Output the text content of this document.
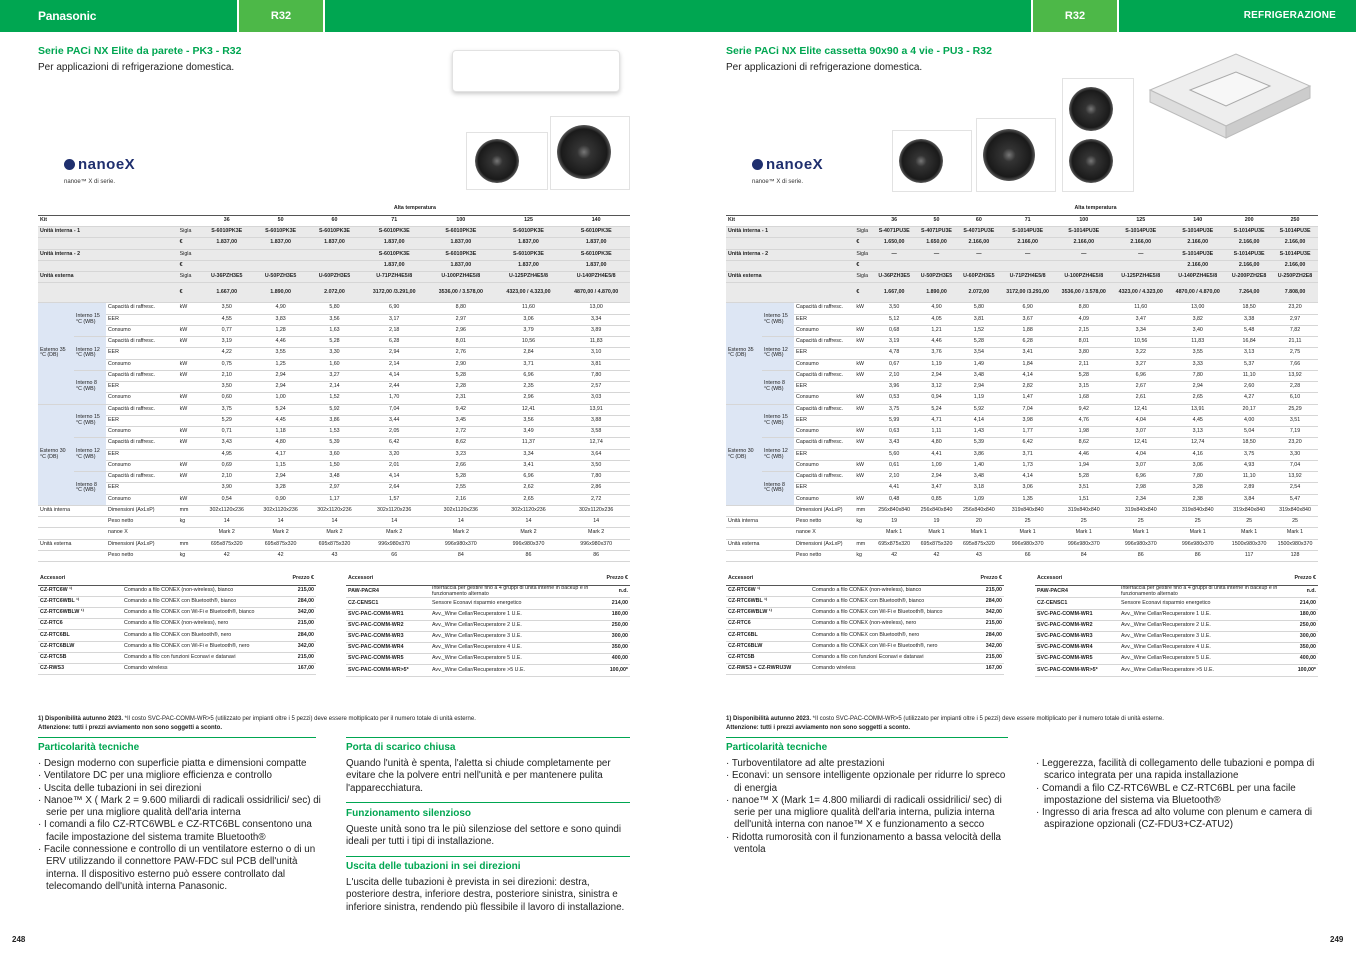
Panasonic	R32
Serie PACi NX Elite da parete - PK3 - R32
Per applicazioni di refrigerazione domestica.
nanoeX
nanoe™ X di serie.
				Alta temperatura						
Kit				36	50	60	71	100	125	140
Unità interna - 1			Sigla	S-6010PK3E	S-6010PK3E	S-6010PK3E	S-6010PK3E	S-6010PK3E	S-6010PK3E	S-6010PK3E
			€	1.837,00	1.837,00	1.837,00	1.837,00	1.837,00	1.837,00	1.837,00
Unità interna - 2			Sigla				S-6010PK3E	S-6010PK3E	S-6010PK3E	S-6010PK3E
			€				1.837,00	1.837,00	1.837,00	1.837,00
Unità esterna			Sigla	U-36PZH3E5	U-50PZH3E5	U-60PZH3E5	U-71PZH4E5/8	U-100PZH4E5/8	U-125PZH4E5/8	U-140PZH4E5/8
			€	1.667,00	1.890,00	2.072,00	3172,00 /3.291,00	3536,00 / 3.578,00	4323,00 / 4.323,00	4870,00 / 4.870,00
Esterno 35 °C (DB)	Interno 15 °C (WB)	Capacità di raffresc.	kW	3,50	4,90	5,80	6,90	8,80	11,60	13,00
		EER		4,55	3,83	3,56	3,17	2,97	3,06	3,34
		Consumo	kW	0,77	1,28	1,63	2,18	2,96	3,79	3,89
	Interno 12 °C (WB)	Capacità di raffresc.	kW	3,19	4,46	5,28	6,28	8,01	10,56	11,83
		EER		4,22	3,55	3,30	2,94	2,76	2,84	3,10
		Consumo	kW	0,75	1,25	1,60	2,14	2,90	3,71	3,81
	Interno 8 °C (WB)	Capacità di raffresc.	kW	2,10	2,94	3,27	4,14	5,28	6,96	7,80
		EER		3,50	2,94	2,14	2,44	2,28	2,35	2,57
		Consumo	kW	0,60	1,00	1,52	1,70	2,31	2,96	3,03
Esterno 30 °C (DB)	Interno 15 °C (WB)	Capacità di raffresc.	kW	3,75	5,24	5,92	7,04	9,42	12,41	13,91
		EER		5,29	4,45	3,86	3,44	3,45	3,56	3,88
		Consumo	kW	0,71	1,18	1,53	2,05	2,72	3,49	3,58
	Interno 12 °C (WB)	Capacità di raffresc.	kW	3,43	4,80	5,39	6,42	8,62	11,37	12,74
		EER		4,95	4,17	3,60	3,20	3,23	3,34	3,64
		Consumo	kW	0,69	1,15	1,50	2,01	2,66	3,41	3,50
	Interno 8 °C (WB)	Capacità di raffresc.	kW	2,10	2,94	3,48	4,14	5,28	6,96	7,80
		EER		3,90	3,28	2,97	2,64	2,55	2,62	2,86
		Consumo	kW	0,54	0,90	1,17	1,57	2,16	2,65	2,72
Unità interna		Dimensioni (AxLxP)	mm	302x1120x236	302x1120x236	302x1120x236	302x1120x236	302x1120x236	302x1120x236	302x1120x236
		Peso netto	kg	14	14	14	14	14	14	14
		nanoe X		Mark 2	Mark 2	Mark 2	Mark 2	Mark 2	Mark 2	Mark 2
Unità esterna		Dimensioni (AxLxP)	mm	695x875x320	695x875x320	695x875x320	996x980x370	996x980x370	996x980x370	996x980x370
		Peso netto	kg	42	42	43	66	84	86	86
Accessori		Prezzo €
CZ-RTC6W ¹⁾	Comando a filo CONEX (non-wireless), bianco	215,00
CZ-RTC6WBL ¹⁾	Comando a filo CONEX con Bluetooth®, bianco	284,00
CZ-RTC6WBLW ¹⁾	Comando a filo CONEX con Wi-Fi e Bluetooth®, bianco	342,00
CZ-RTC6	Comando a filo CONEX (non-wireless), nero	215,00
CZ-RTC6BL	Comando a filo CONEX con Bluetooth®, nero	284,00
CZ-RTC6BLW	Comando a filo CONEX con Wi-Fi e Bluetooth®, nero	342,00
CZ-RTC5B	Comando a filo con funzioni Econavi e datanavi	215,00
CZ-RWS3	Comando wireless	167,00
Accessori		Prezzo €
PAW-PACR4	Interfaccia per gestire fino a 4 gruppi di unità interne in backup e in funzionamento alternato	n.d.
CZ-CENSC1	Sensore Econavi risparmio energetico	214,00
SVC-PAC-COMM-WR1	Avv._Wine Cellar/Recuperatore 1 U.E.	180,00
SVC-PAC-COMM-WR2	Avv._Wine Cellar/Recuperatore 2 U.E.	250,00
SVC-PAC-COMM-WR3	Avv._Wine Cellar/Recuperatore 3 U.E.	300,00
SVC-PAC-COMM-WR4	Avv._Wine Cellar/Recuperatore 4 U.E.	350,00
SVC-PAC-COMM-WR5	Avv._Wine Cellar/Recuperatore 5 U.E.	400,00
SVC-PAC-COMM-WR>5*	Avv._Wine Cellar/Recuperatore >5 U.E.	100,00*
1) Disponibilità autunno 2023. *Il costo SVC-PAC-COMM-WR>5 (utilizzato per impianti oltre i 5 pezzi) deve essere moltiplicato per il numero totale di unità esterne.
Attenzione: tutti i prezzi avviamento non sono soggetti a sconto.
Particolarità tecniche
· Design moderno con superficie piatta e dimensioni compatte
· Ventilatore DC per una migliore efficienza e controllo
· Uscita delle tubazioni in sei direzioni
· Nanoe™ X ( Mark 2 = 9.600 miliardi di radicali ossidrilici/ sec) di serie per una migliore qualità dell'aria interna
· I comandi a filo CZ-RTC6WBL e CZ-RTC6BL consentono una facile impostazione del sistema tramite Bluetooth®
· Facile connessione e controllo di un ventilatore esterno o di un ERV utilizzando il connettore PAW-FDC sul PCB dell'unità interna. Il dispositivo esterno può essere controllato dal telecomando dell'unità interna Panasonic.
Porta di scarico chiusa
Quando l'unità è spenta, l'aletta si chiude completamente per evitare che la polvere entri nell'unità e per mantenere pulita l'apparecchiatura.
Funzionamento silenzioso
Queste unità sono tra le più silenziose del settore e sono quindi ideali per tutti i tipi di installazione.
Uscita delle tubazioni in sei direzioni
L'uscita delle tubazioni è prevista in sei direzioni: destra, posteriore destra, inferiore destra, posteriore sinistra, sinistra e inferiore sinistra, rendendo più flessibile il lavoro di installazione.
248
R32	REFRIGERAZIONE
Serie PACi NX Elite cassetta 90x90 a 4 vie - PU3 - R32
Per applicazioni di refrigerazione domestica.
nanoeX
nanoe™ X di serie.
				Alta temperatura								
Kit				36	50	60	71	100	125	140	200	250
Unità interna - 1			Sigla	S-4071PU3E	S-4071PU3E	S-4071PU3E	S-1014PU3E	S-1014PU3E	S-1014PU3E	S-1014PU3E	S-1014PU3E	S-1014PU3E
			€	1.650,00	1.650,00	2.166,00	2.166,00	2.166,00	2.166,00	2.166,00	2.166,00	2.166,00
Unità interna - 2			Sigla	—	—	—	—	—	—	S-1014PU3E	S-1014PU3E	S-1014PU3E
			€							2.166,00	2.166,00	2.166,00
Unità esterna			Sigla	U-36PZH3E5	U-50PZH3E5	U-60PZH3E5	U-71PZH4E5/8	U-100PZH4E5/8	U-125PZH4E5/8	U-140PZH4E5/8	U-200PZH2E8	U-250PZH2E8
			€	1.667,00	1.890,00	2.072,00	3172,00 /3.291,00	3536,00 / 3.578,00	4323,00 / 4.323,00	4870,00 / 4.870,00	7.264,00	7.808,00
Esterno 35 °C (DB)	Interno 15 °C (WB)	Capacità di raffresc.	kW	3,50	4,90	5,80	6,90	8,80	11,60	13,00	18,50	23,20
		EER		5,12	4,05	3,81	3,67	4,09	3,47	3,82	3,38	2,97
		Consumo	kW	0,68	1,21	1,52	1,88	2,15	3,34	3,40	5,48	7,82
	Interno 12 °C (WB)	Capacità di raffresc.	kW	3,19	4,46	5,28	6,28	8,01	10,56	11,83	16,84	21,11
		EER		4,78	3,76	3,54	3,41	3,80	3,22	3,55	3,13	2,75
		Consumo	kW	0,67	1,19	1,49	1,84	2,11	3,27	3,33	5,37	7,66
	Interno 8 °C (WB)	Capacità di raffresc.	kW	2,10	2,94	3,48	4,14	5,28	6,96	7,80	11,10	13,92
		EER		3,96	3,12	2,94	2,82	3,15	2,67	2,94	2,60	2,28
		Consumo	kW	0,53	0,94	1,19	1,47	1,68	2,61	2,65	4,27	6,10
Esterno 30 °C (DB)	Interno 15 °C (WB)	Capacità di raffresc.	kW	3,75	5,24	5,92	7,04	9,42	12,41	13,91	20,17	25,29
		EER		5,99	4,71	4,14	3,98	4,76	4,04	4,45	4,00	3,51
		Consumo	kW	0,63	1,11	1,43	1,77	1,98	3,07	3,13	5,04	7,19
	Interno 12 °C (WB)	Capacità di raffresc.	kW	3,43	4,80	5,39	6,42	8,62	12,41	12,74	18,50	23,20
		EER		5,60	4,41	3,86	3,71	4,46	4,04	4,16	3,75	3,30
		Consumo	kW	0,61	1,09	1,40	1,73	1,94	3,07	3,06	4,93	7,04
	Interno 8 °C (WB)	Capacità di raffresc.	kW	2,10	2,94	3,48	4,14	5,28	6,96	7,80	11,10	13,92
		EER		4,41	3,47	3,18	3,06	3,51	2,98	3,28	2,89	2,54
		Consumo	kW	0,48	0,85	1,09	1,35	1,51	2,34	2,38	3,84	5,47
		Dimensioni (AxLxP)	mm	256x840x840	256x840x840	256x840x840	319x840x840	319x840x840	319x840x840	319x840x840	319x840x840	319x840x840
Unità interna		Peso netto	kg	19	19	20	25	25	25	25	25	25
		nanoe X		Mark 1	Mark 1	Mark 1	Mark 1	Mark 1	Mark 1	Mark 1	Mark 1	Mark 1
Unità esterna		Dimensioni (AxLxP)	mm	695x875x320	695x875x320	695x875x320	996x980x370	996x980x370	996x980x370	996x980x370	1500x980x370	1500x980x370
		Peso netto	kg	42	42	43	66	84	86	86	117	128
Accessori		Prezzo €
CZ-RTC6W ¹⁾	Comando a filo CONEX (non-wireless), bianco	215,00
CZ-RTC6WBL ¹⁾	Comando a filo CONEX con Bluetooth®, bianco	284,00
CZ-RTC6WBLW ¹⁾	Comando a filo CONEX con Wi-Fi e Bluetooth®, bianco	342,00
CZ-RTC6	Comando a filo CONEX (non-wireless), nero	215,00
CZ-RTC6BL	Comando a filo CONEX con Bluetooth®, nero	284,00
CZ-RTC6BLW	Comando a filo CONEX con Wi-Fi e Bluetooth®, nero	342,00
CZ-RTC5B	Comando a filo con funzioni Econavi e datanavi	215,00
CZ-RWS3 + CZ-RWRU3W	Comando wireless	167,00
Accessori		Prezzo €
PAW-PACR4	Interfaccia per gestire fino a 4 gruppi di unità interne in backup e in funzionamento alternato	n.d.
CZ-CENSC1	Sensore Econavi risparmio energetico	214,00
SVC-PAC-COMM-WR1	Avv._Wine Cellar/Recuperatore 1 U.E.	180,00
SVC-PAC-COMM-WR2	Avv._Wine Cellar/Recuperatore 2 U.E.	250,00
SVC-PAC-COMM-WR3	Avv._Wine Cellar/Recuperatore 3 U.E.	300,00
SVC-PAC-COMM-WR4	Avv._Wine Cellar/Recuperatore 4 U.E.	350,00
SVC-PAC-COMM-WR5	Avv._Wine Cellar/Recuperatore 5 U.E.	400,00
SVC-PAC-COMM-WR>5*	Avv._Wine Cellar/Recuperatore >5 U.E.	100,00*
1) Disponibilità autunno 2023. *Il costo SVC-PAC-COMM-WR>5 (utilizzato per impianti oltre i 5 pezzi) deve essere moltiplicato per il numero totale di unità esterne.
Attenzione: tutti i prezzi avviamento non sono soggetti a sconto.
Particolarità tecniche
· Turboventilatore ad alte prestazioni
· Econavi: un sensore intelligente opzionale per ridurre lo spreco di energia
· nanoe™ X (Mark 1= 4.800 miliardi di radicali ossidrilici/ sec) di serie per una migliore qualità dell'aria interna, pulizia interna dell'unità interna con nanoe™ X e funzionamento a secco
· Ridotta rumorosità con il funzionamento a bassa velocità della ventola
· Leggerezza, facilità di collegamento delle tubazioni e pompa di scarico integrata per una rapida installazione
· Comandi a filo CZ-RTC6WBL e CZ-RTC6BL per una facile impostazione del sistema via Bluetooth®
· Ingresso di aria fresca ad alto volume con plenum e camera di aspirazione opzionali (CZ-FDU3+CZ-ATU2)
249
